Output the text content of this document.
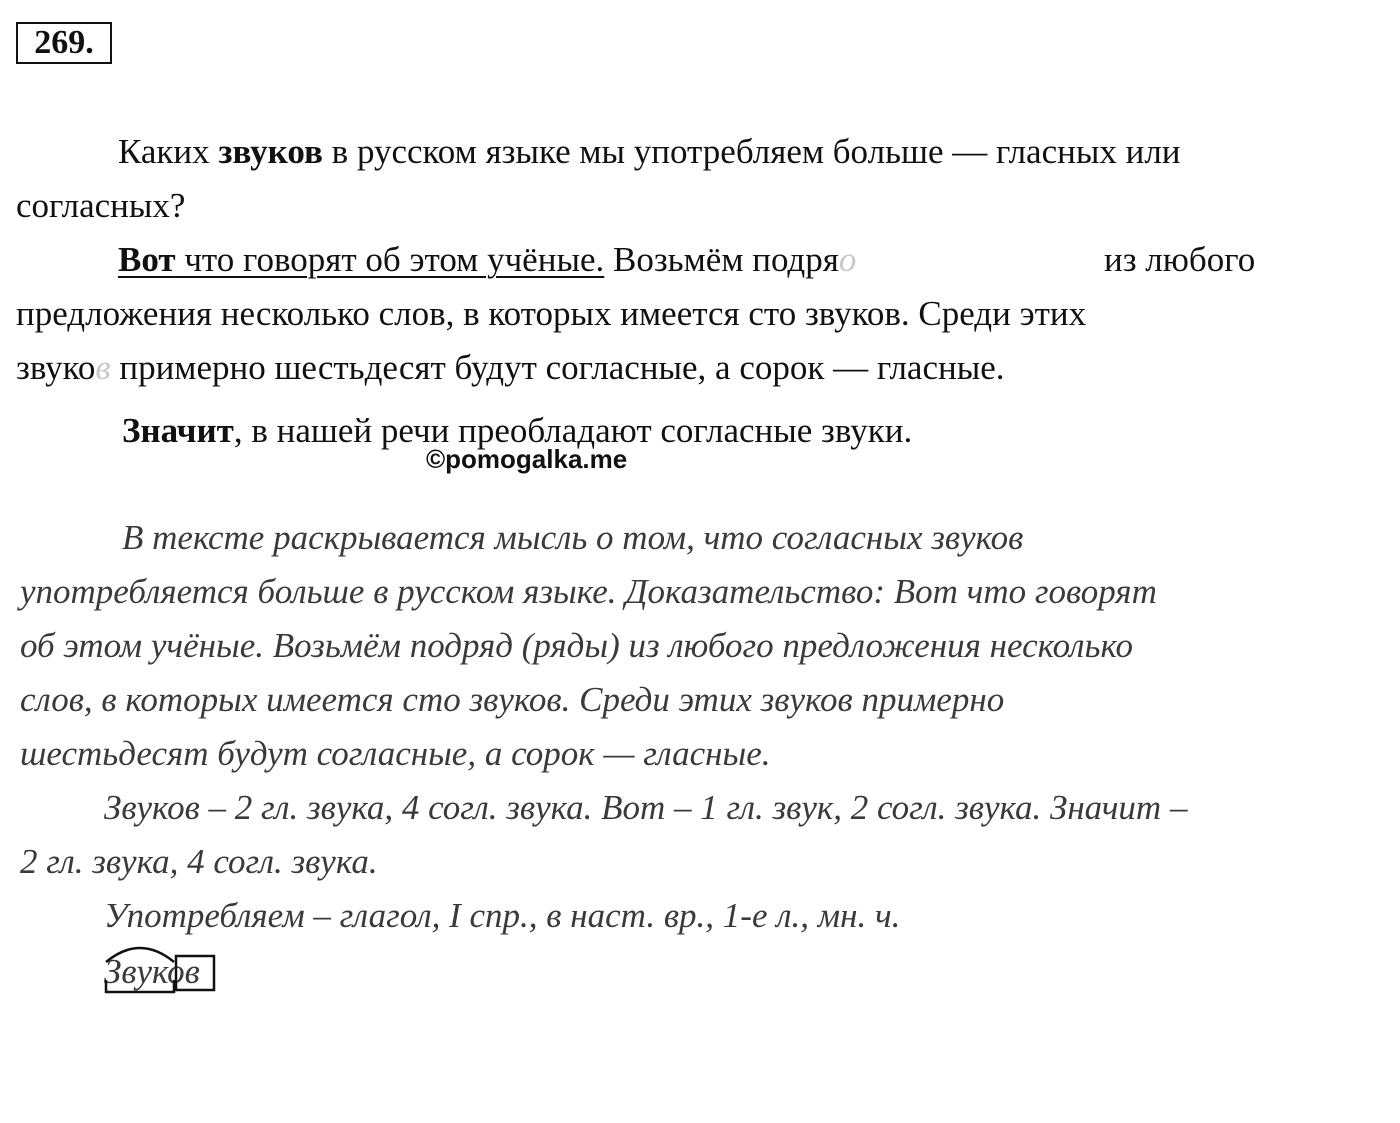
269.
Каких звуков в русском языке мы употребляем больше — гласных или
согласных?
Вот что говорят об этом учёные. Возьмём подряо	из любого
предложения несколько слов, в которых имеется сто звуков. Среди этих
звуков примерно шестьдесят будут согласные, а сорок — гласные.
Значит, в нашей речи преобладают согласные звуки.
©pomogalka.me
В тексте раскрывается мысль о том, что согласных звуков
употребляется больше в русском языке. Доказательство: Вот что говорят
об этом учёные. Возьмём подряд (ряды) из любого предложения несколько
слов, в которых имеется сто звуков. Среди этих звуков примерно
шестьдесят будут согласные, а сорок — гласные.
Звуков – 2 гл. звука, 4 согл. звука. Вот – 1 гл. звук, 2 согл. звука. Значит –
2 гл. звука, 4 согл. звука.
Употребляем – глагол, I спр., в наст. вр., 1-е л., мн. ч.
Звуков
